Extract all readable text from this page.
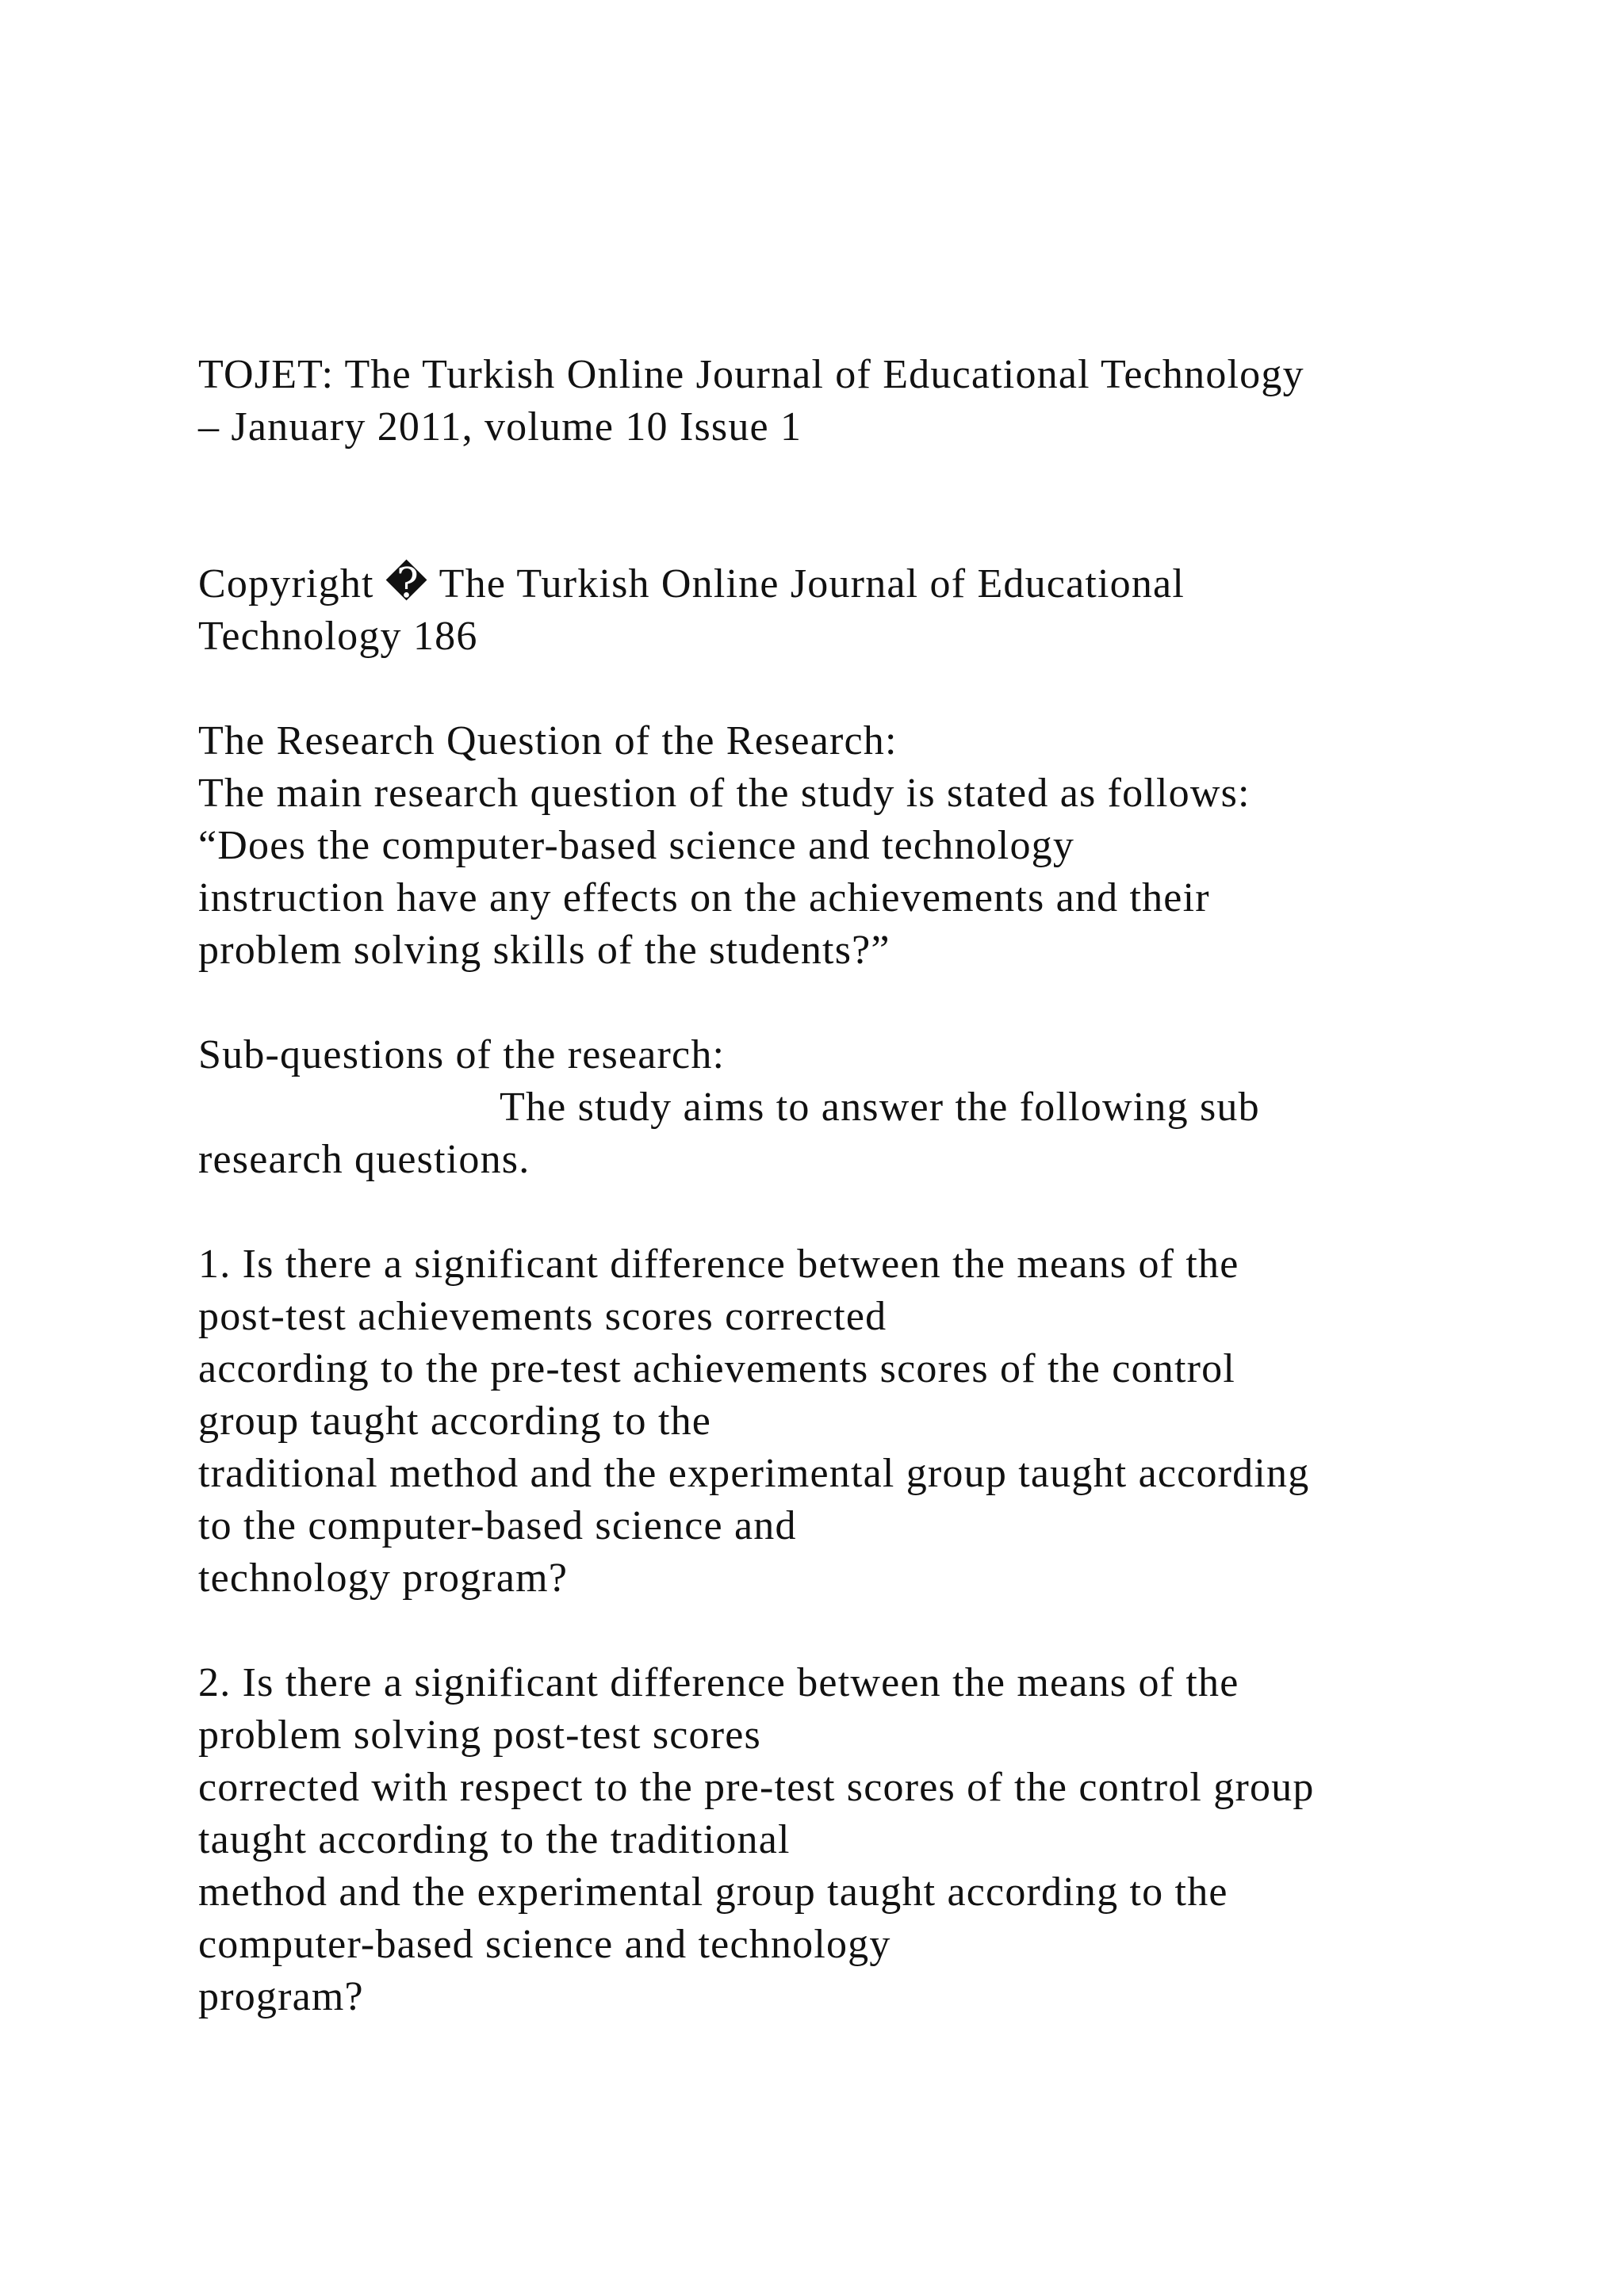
TOJET: The Turkish Online Journal of Educational Technology
– January 2011, volume 10 Issue 1
Copyright � The Turkish Online Journal of Educational
Technology 186
The Research Question of the Research:
The main research question of the study is stated as follows:
“Does the computer-based science and technology
instruction have any effects on the achievements and their
problem solving skills of the students?”
Sub-questions of the research:
The study aims to answer the following sub
research questions.
1. Is there a significant difference between the means of the
post-test achievements scores corrected
according to the pre-test achievements scores of the control
group taught according to the
traditional method and the experimental group taught according
to the computer-based science and
technology program?
2. Is there a significant difference between the means of the
problem solving post-test scores
corrected with respect to the pre-test scores of the control group
taught according to the traditional
method and the experimental group taught according to the
computer-based science and technology
program?
